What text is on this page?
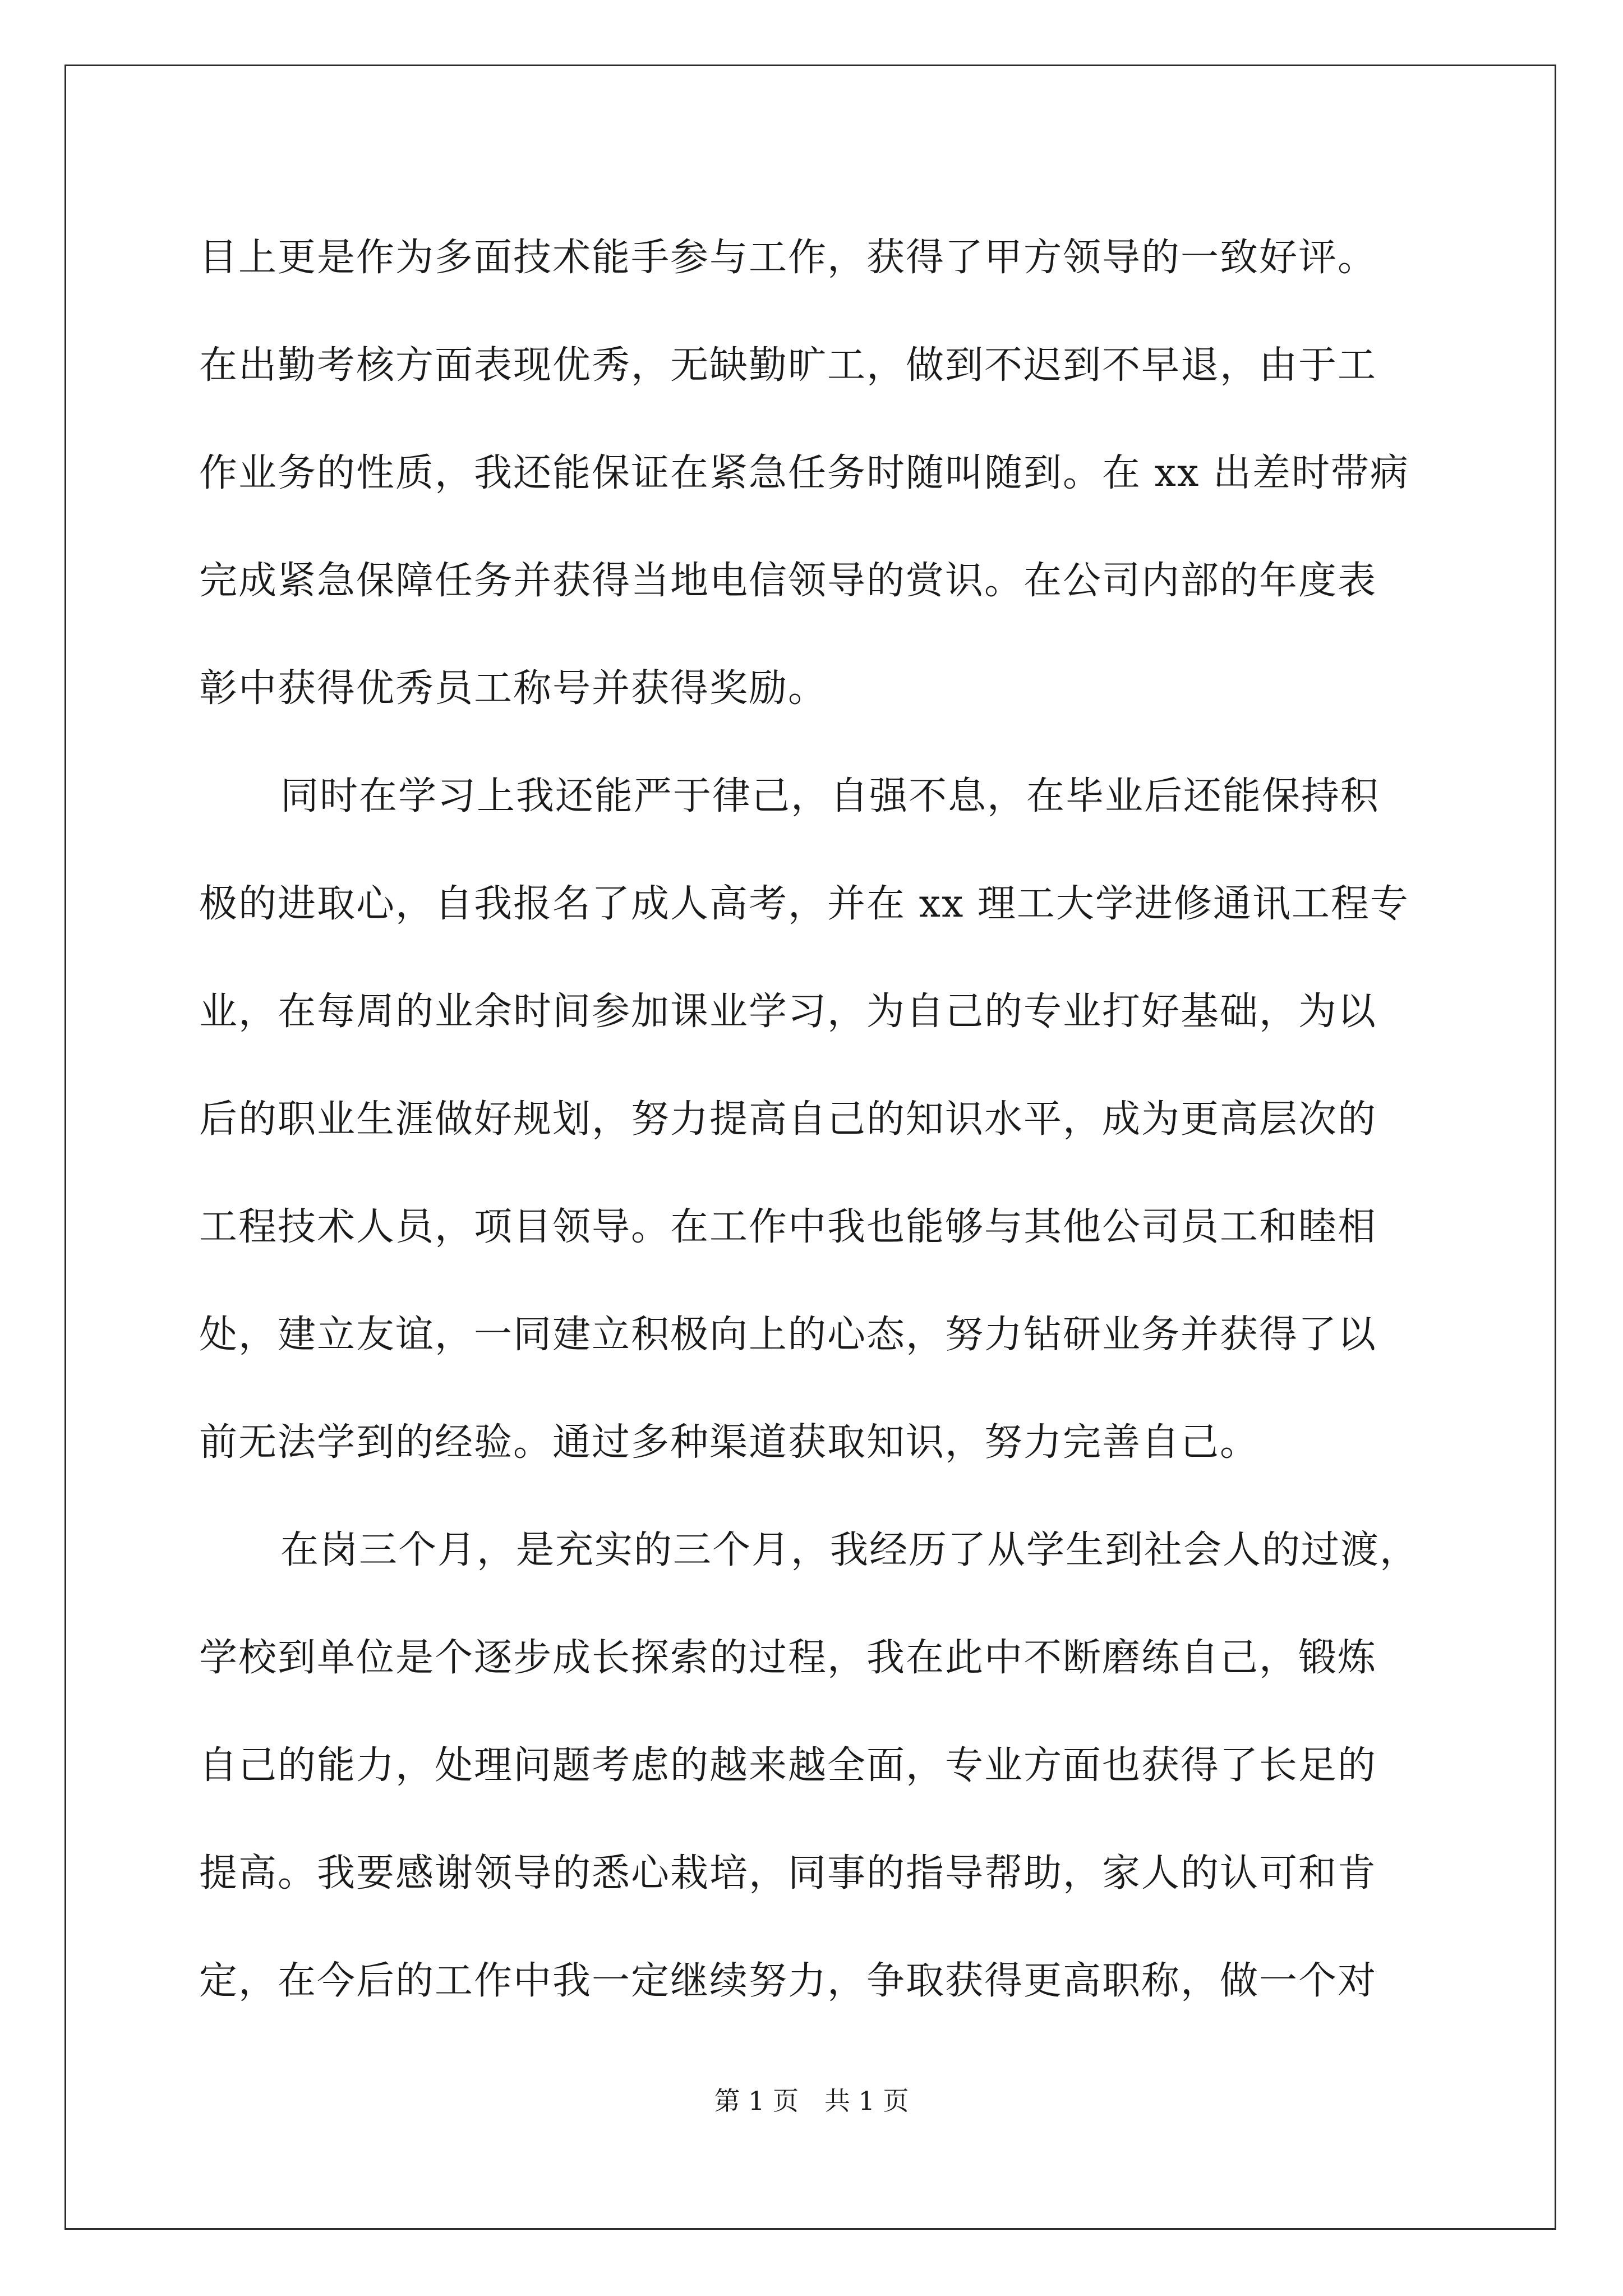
目上更是作为多面技术能手参与工作，获得了甲方领导的一致好评。
在出勤考核方面表现优秀，无缺勤旷工，做到不迟到不早退，由于工
作业务的性质，我还能保证在紧急任务时随叫随到。在 xx 出差时带病
完成紧急保障任务并获得当地电信领导的赏识。在公司内部的年度表
彰中获得优秀员工称号并获得奖励。
同时在学习上我还能严于律己，自强不息，在毕业后还能保持积
极的进取心，自我报名了成人高考，并在 xx 理工大学进修通讯工程专
业，在每周的业余时间参加课业学习，为自己的专业打好基础，为以
后的职业生涯做好规划，努力提高自己的知识水平，成为更高层次的
工程技术人员，项目领导。在工作中我也能够与其他公司员工和睦相
处，建立友谊，一同建立积极向上的心态，努力钻研业务并获得了以
前无法学到的经验。通过多种渠道获取知识，努力完善自己。
在岗三个月，是充实的三个月，我经历了从学生到社会人的过渡，
学校到单位是个逐步成长探索的过程，我在此中不断磨练自己，锻炼
自己的能力，处理问题考虑的越来越全面，专业方面也获得了长足的
提高。我要感谢领导的悉心栽培，同事的指导帮助，家人的认可和肯
定，在今后的工作中我一定继续努力，争取获得更高职称，做一个对
第 1 页　共 1 页
